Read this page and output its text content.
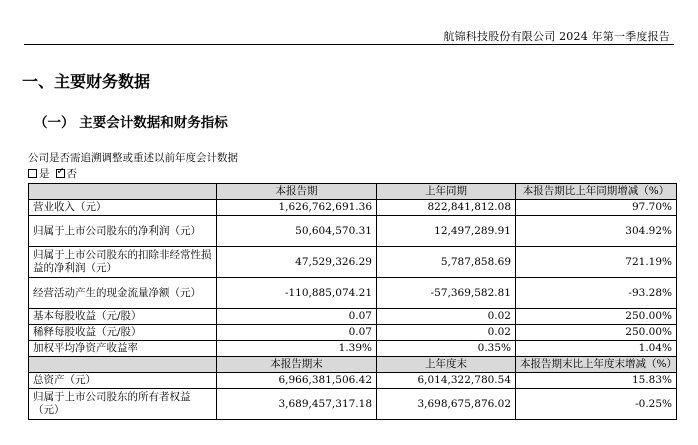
航锦科技股份有限公司 2024 年第一季度报告
一、主要财务数据
（一） 主要会计数据和财务指标
公司是否需追溯调整或重述以前年度会计数据
是 ✓ 否
	本报告期	上年同期	本报告期比上年同期增减（%）
营业收入（元）	1,626,762,691.36	822,841,812.08	97.70%
归属于上市公司股东的净利润（元）	50,604,570.31	12,497,289.91	304.92%
归属于上市公司股东的扣除非经常性损益的净利润（元）	47,529,326.29	5,787,858.69	721.19%
经营活动产生的现金流量净额（元）	-110,885,074.21	-57,369,582.81	-93.28%
基本每股收益（元/股）	0.07	0.02	250.00%
稀释每股收益（元/股）	0.07	0.02	250.00%
加权平均净资产收益率	1.39%	0.35%	1.04%
	本报告期末	上年度末	本报告期末比上年度末增减（%）
总资产（元）	6,966,381,506.42	6,014,322,780.54	15.83%
归属于上市公司股东的所有者权益（元）	3,689,457,317.18	3,698,675,876.02	-0.25%
